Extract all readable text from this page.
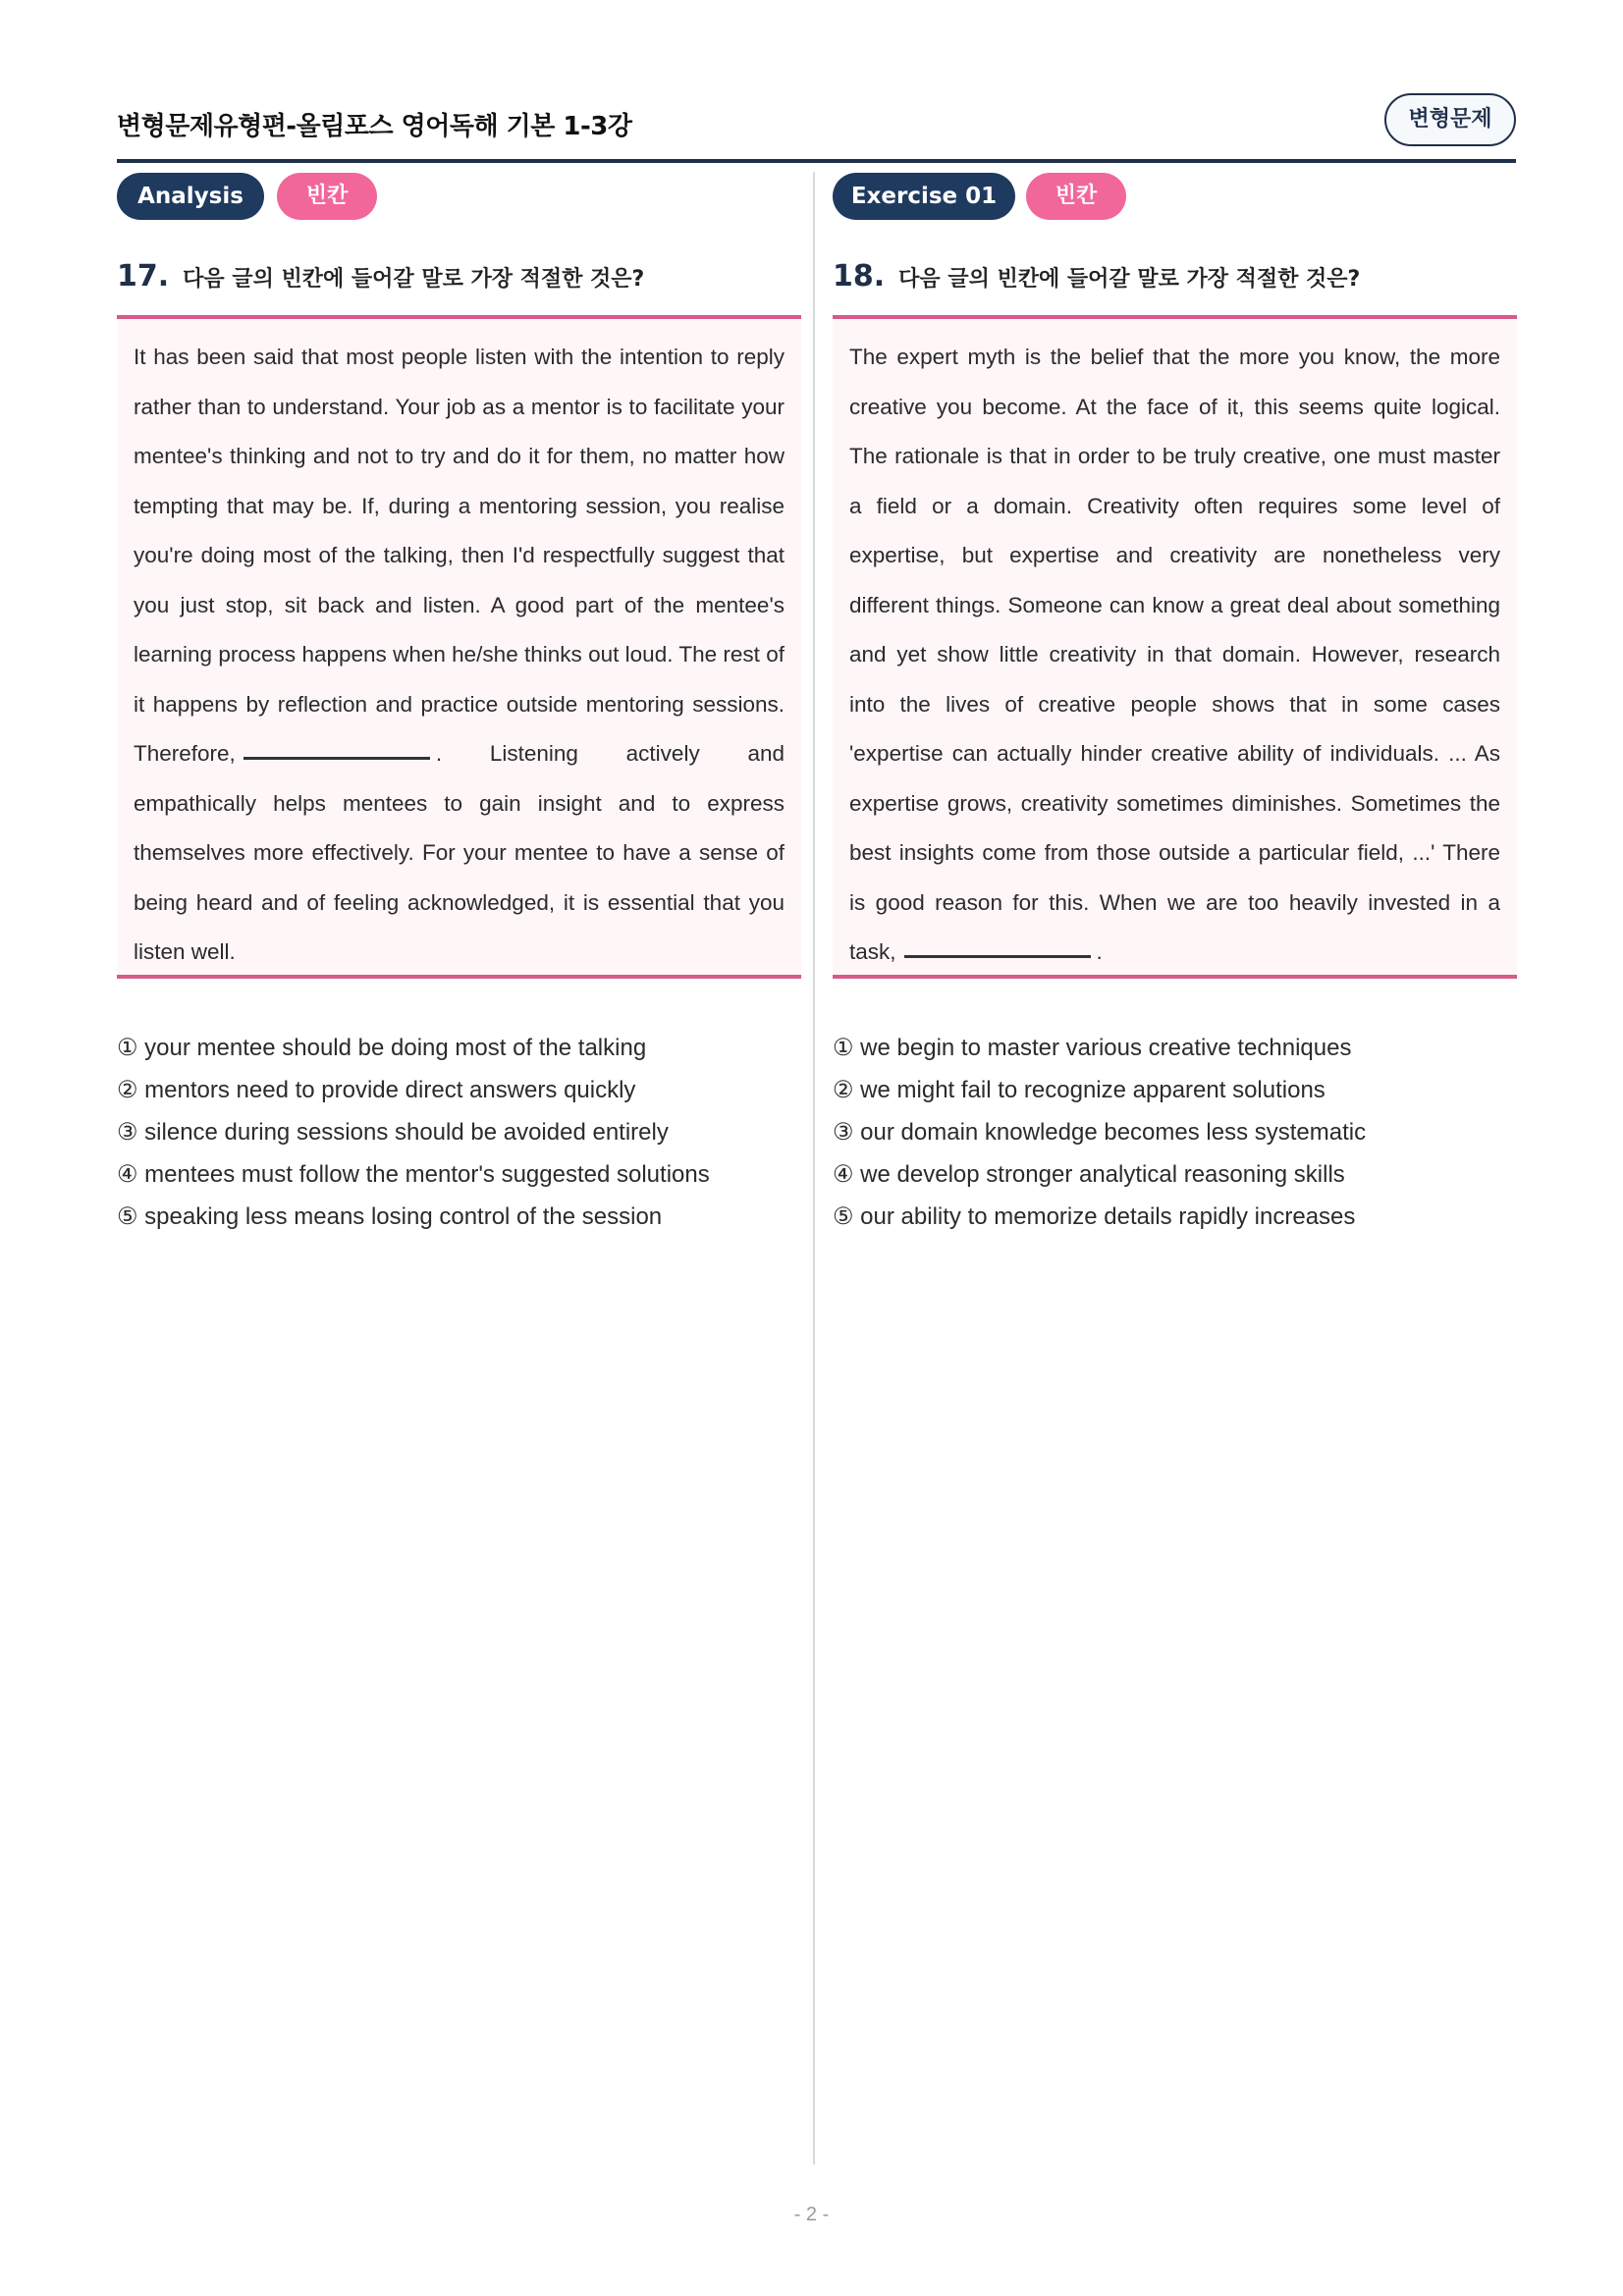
변형문제유형편-올림포스 영어독해 기본 1-3강	변형문제
Analysis	빈칸
17. 다음 글의 빈칸에 들어갈 말로 가장 적절한 것은?

It has been said that most people listen with the intention to reply rather than to understand. Your job as a mentor is to facilitate your mentee's thinking and not to try and do it for them, no matter how tempting that may be. If, during a mentoring session, you realise you're doing most of the talking, then I'd respectfully suggest that you just stop, sit back and listen. A good part of the mentee's learning process happens when he/she thinks out loud. The rest of it happens by reflection and practice outside mentoring sessions. Therefore,	. Listening actively and empathically helps mentees to gain insight and to express themselves more effectively. For your mentee to have a sense of being heard and of feeling acknowledged, it is essential that you listen well.

① your mentee should be doing most of the talking
② mentors need to provide direct answers quickly
③ silence during sessions should be avoided entirely
④ mentees must follow the mentor's suggested solutions
⑤ speaking less means losing control of the session
Exercise 01	빈칸
18. 다음 글의 빈칸에 들어갈 말로 가장 적절한 것은?

The expert myth is the belief that the more you know, the more creative you become. At the face of it, this seems quite logical. The rationale is that in order to be truly creative, one must master a field or a domain. Creativity often requires some level of expertise, but expertise and creativity are nonetheless very different things. Someone can know a great deal about something and yet show little creativity in that domain. However, research into the lives of creative people shows that in some cases 'expertise can actually hinder creative ability of individuals. ... As expertise grows, creativity sometimes diminishes. Sometimes the best insights come from those outside a particular field, ...' There is good reason for this. When we are too heavily invested in a task,	.

① we begin to master various creative techniques
② we might fail to recognize apparent solutions
③ our domain knowledge becomes less systematic
④ we develop stronger analytical reasoning skills
⑤ our ability to memorize details rapidly increases
- 2 -
